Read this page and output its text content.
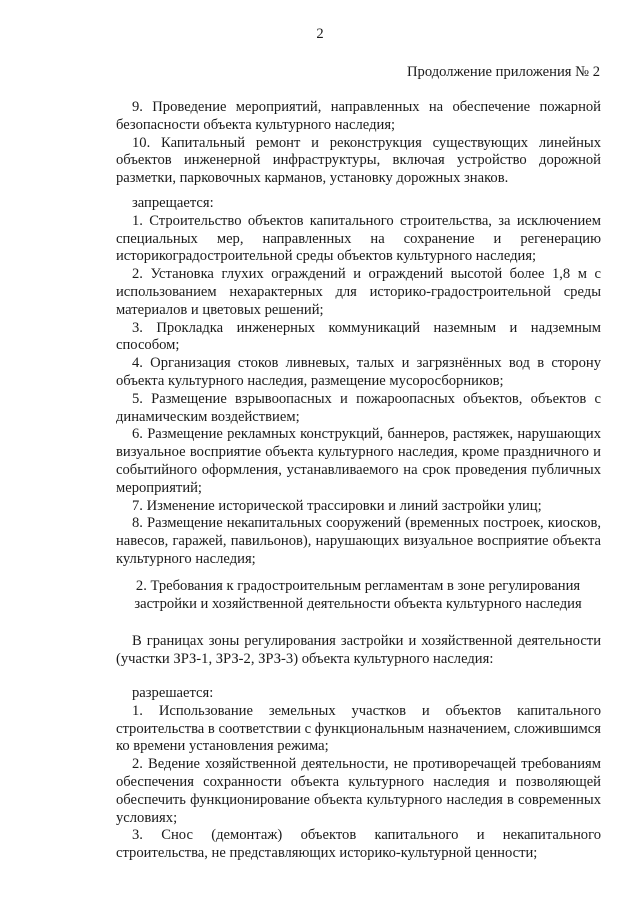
2
Продолжение приложения № 2

9. Проведение мероприятий, направленных на обеспечение пожарной безопасности объекта культурного наследия;

10. Капитальный ремонт и реконструкция существующих линейных объектов инженерной инфраструктуры, включая устройство дорожной разметки, парковочных карманов, установку дорожных знаков.

запрещается:

1. Строительство объектов капитального строительства, за исключением специальных мер, направленных на сохранение и регенерацию историкоградостроительной среды объектов культурного наследия;

2. Установка глухих ограждений и ограждений высотой более 1,8 м с использованием нехарактерных для историко-градостроительной среды материалов и цветовых решений;

3. Прокладка инженерных коммуникаций наземным и надземным способом;

4. Организация стоков ливневых, талых и загрязнённых вод в сторону объекта культурного наследия, размещение мусоросборников;

5. Размещение взрывоопасных и пожароопасных объектов, объектов с динамическим воздействием;

6. Размещение рекламных конструкций, баннеров, растяжек, нарушающих визуальное восприятие объекта культурного наследия, кроме праздничного и событийного оформления, устанавливаемого на срок проведения публичных мероприятий;

7. Изменение исторической трассировки и линий застройки улиц;

8. Размещение некапитальных сооружений (временных построек, киосков, навесов, гаражей, павильонов), нарушающих визуальное восприятие объекта культурного наследия;

2. Требования к градостроительным регламентам в зоне регулирования застройки и хозяйственной деятельности объекта культурного наследия

В границах зоны регулирования застройки и хозяйственной деятельности (участки ЗРЗ-1, ЗРЗ-2, ЗРЗ-3) объекта культурного наследия:

разрешается:

1. Использование земельных участков и объектов капитального строительства в соответствии с функциональным назначением, сложившимся ко времени установления режима;

2. Ведение хозяйственной деятельности, не противоречащей требованиям обеспечения сохранности объекта культурного наследия и позволяющей обеспечить функционирование объекта культурного наследия в современных условиях;

3. Снос (демонтаж) объектов капитального и некапитального строительства, не представляющих историко-культурной ценности;
